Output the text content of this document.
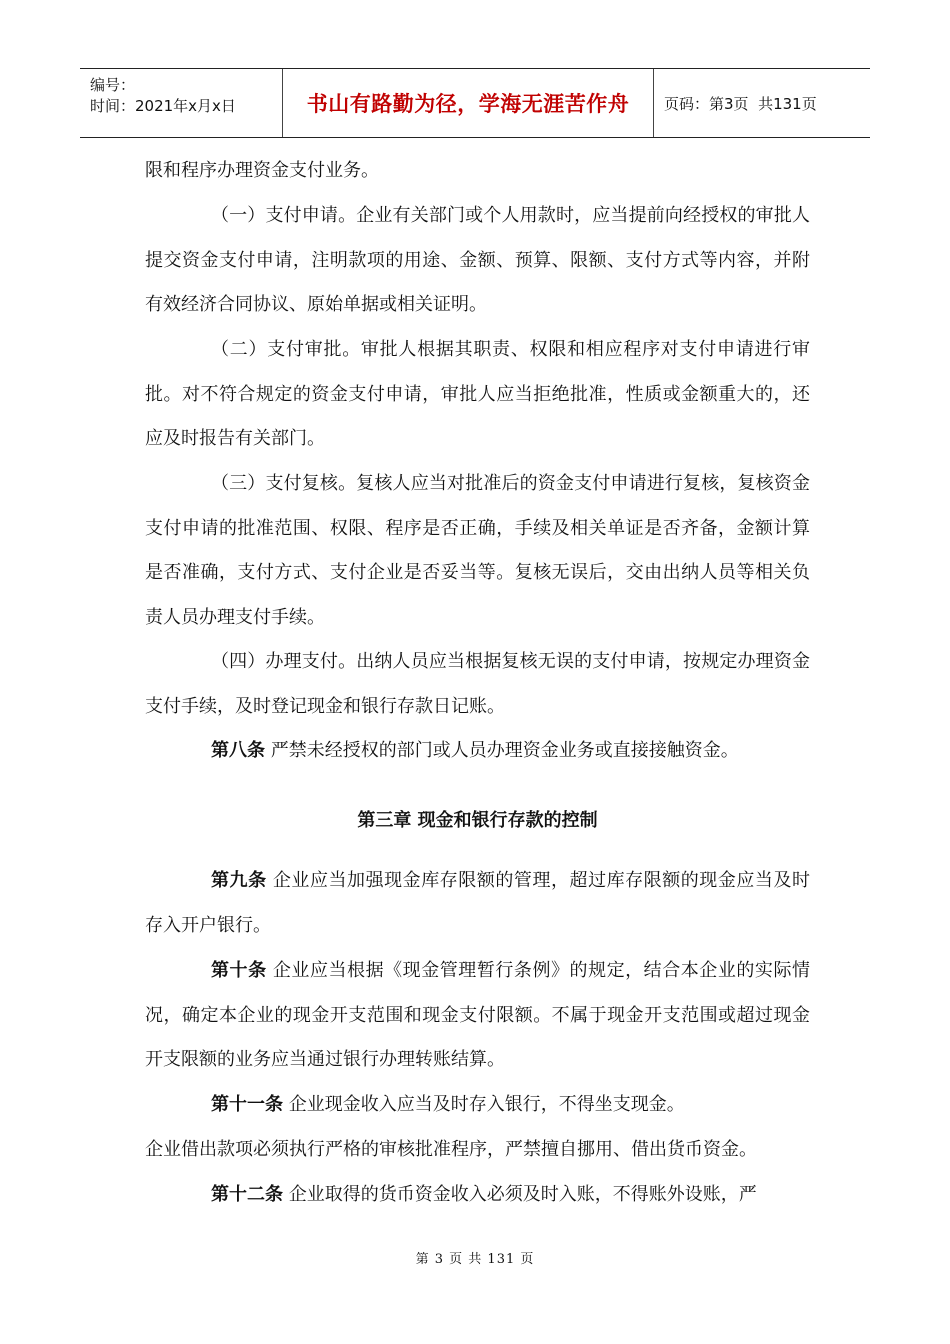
编号：
时间：2021年x月x日	书山有路勤为径，学海无涯苦作舟 页码：第3页  共131页

限和程序办理资金支付业务。

（一）支付申请。企业有关部门或个人用款时，应当提前向经授权的审批人提交资金支付申请，注明款项的用途、金额、预算、限额、支付方式等内容，并附有效经济合同协议、原始单据或相关证明。

（二）支付审批。审批人根据其职责、权限和相应程序对支付申请进行审批。对不符合规定的资金支付申请，审批人应当拒绝批准，性质或金额重大的，还应及时报告有关部门。

（三）支付复核。复核人应当对批准后的资金支付申请进行复核，复核资金支付申请的批准范围、权限、程序是否正确，手续及相关单证是否齐备，金额计算是否准确，支付方式、支付企业是否妥当等。复核无误后，交由出纳人员等相关负责人员办理支付手续。

（四）办理支付。出纳人员应当根据复核无误的支付申请，按规定办理资金支付手续，及时登记现金和银行存款日记账。

第八条 严禁未经授权的部门或人员办理资金业务或直接接触资金。

第三章 现金和银行存款的控制

第九条 企业应当加强现金库存限额的管理，超过库存限额的现金应当及时存入开户银行。

第十条 企业应当根据《现金管理暂行条例》的规定，结合本企业的实际情况，确定本企业的现金开支范围和现金支付限额。不属于现金开支范围或超过现金开支限额的业务应当通过银行办理转账结算。

第十一条 企业现金收入应当及时存入银行，不得坐支现金。

企业借出款项必须执行严格的审核批准程序，严禁擅自挪用、借出货币资金。

第十二条 企业取得的货币资金收入必须及时入账，不得账外设账，严

第 3 页 共 131 页
